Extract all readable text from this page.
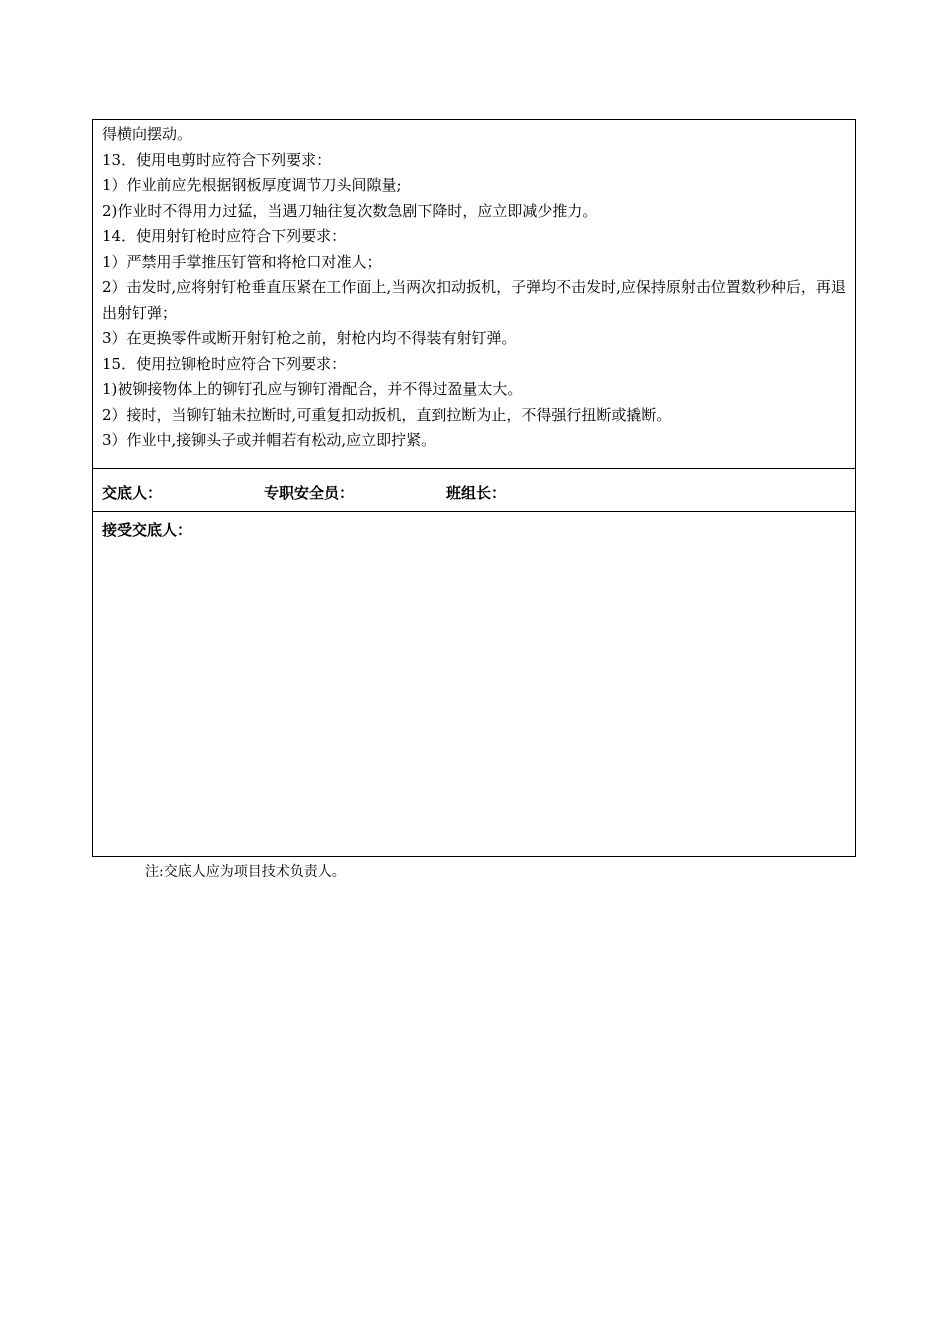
得横向摆动。
13．使用电剪时应符合下列要求：
1）作业前应先根据钢板厚度调节刀头间隙量;
2)作业时不得用力过猛，当遇刀轴往复次数急剧下降时，应立即减少推力。
14．使用射钉枪时应符合下列要求：
1）严禁用手掌推压钉管和将枪口对准人；
2）击发时,应将射钉枪垂直压紧在工作面上,当两次扣动扳机，子弹均不击发时,应保持原射击位置数秒种后，再退出射钉弹；
3）在更换零件或断开射钉枪之前，射枪内均不得装有射钉弹。
15．使用拉铆枪时应符合下列要求：
1)被铆接物体上的铆钉孔应与铆钉滑配合，并不得过盈量太大。
2）接时，当铆钉轴未拉断时,可重复扣动扳机，直到拉断为止，不得强行扭断或撬断。
3）作业中,接铆头子或并帽若有松动,应立即拧紧。
交底人：	专职安全员：	班组长：
接受交底人：
注:交底人应为项目技术负责人。
